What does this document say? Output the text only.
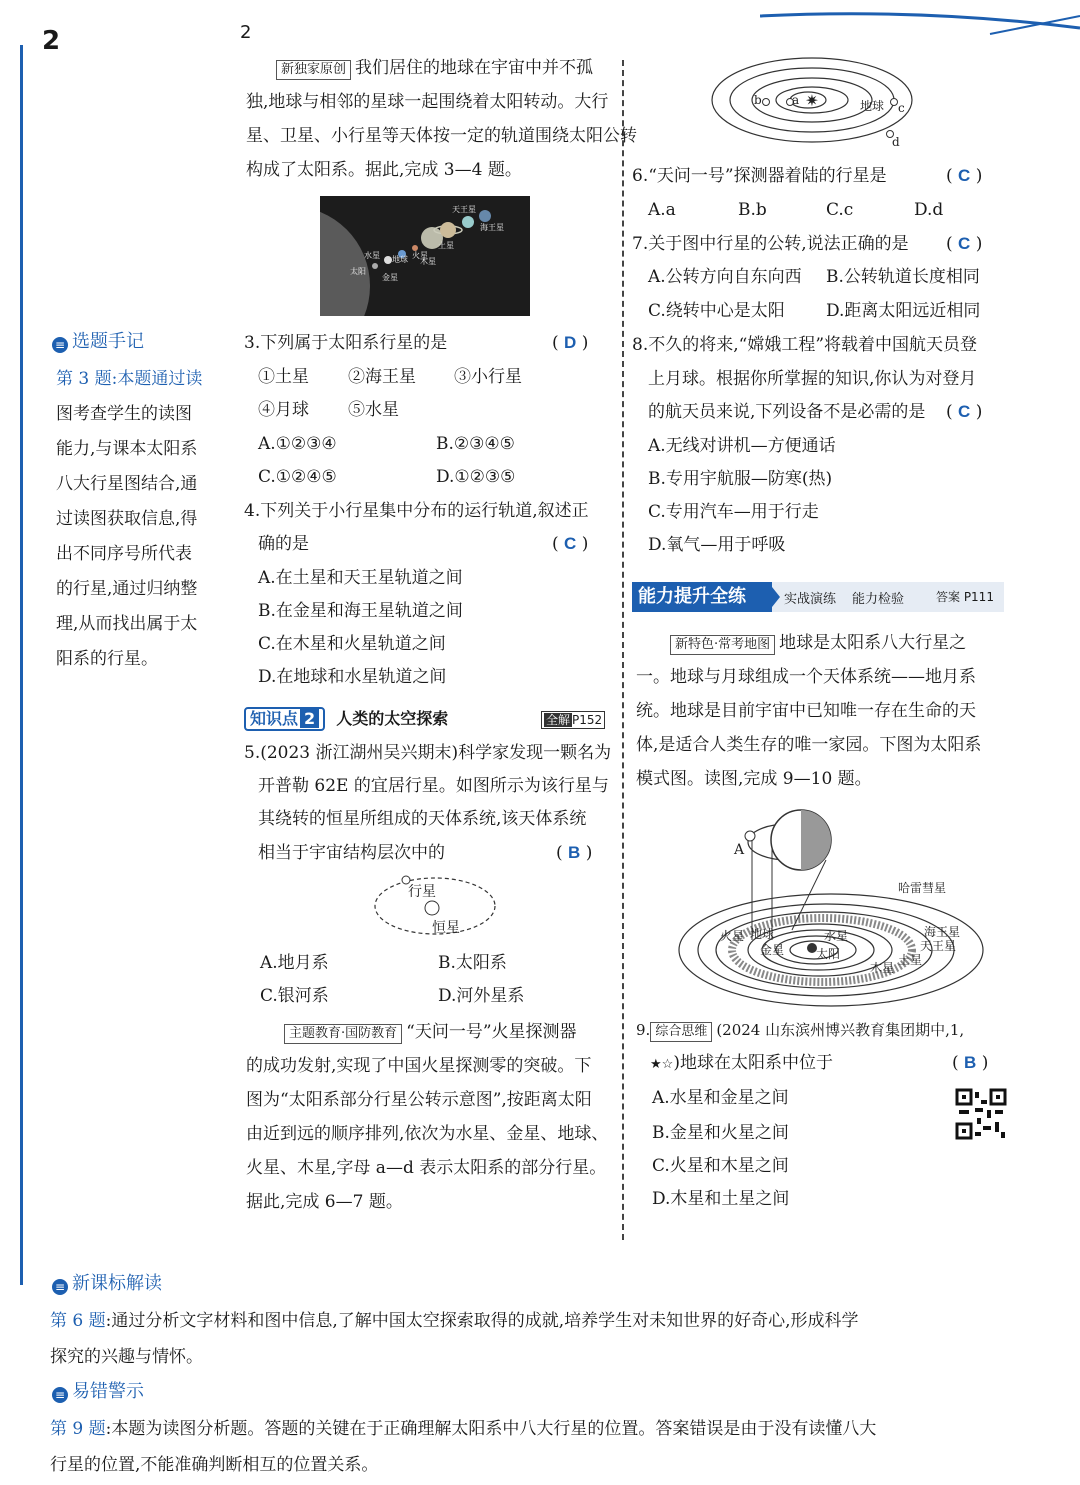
2	2
≡ 选题手记
第 3 题:本题通过读
图考查学生的读图
能力,与课本太阳系
八大行星图结合,通
过读图获取信息,得
出不同序号所代表
的行星,通过归纳整
理,从而找出属于太
阳系的行星。
新独家原创 我们居住的地球在宇宙中并不孤
独,地球与相邻的星球一起围绕着太阳转动。大行
星、卫星、小行星等天体按一定的轨道围绕太阳公转
构成了太阳系。据此,完成 3—4 题。
太阳
水星
金星
地球 火星
木星
土星
天王星
海王星
3.下列属于太阳系行星的是	( D )
①土星 ②海王星 ③小行星
④月球 ⑤水星
A.①②③④	B.②③④⑤
C.①②④⑤	D.①②③⑤
4.下列关于小行星集中分布的运行轨道,叙述正
确的是	( C )
A.在土星和天王星轨道之间
B.在金星和海王星轨道之间
C.在木星和火星轨道之间
D.在地球和水星轨道之间
知识点 2 人类的太空探索	全解 P152
5.(2023 浙江湖州吴兴期末)科学家发现一颗名为
开普勒 62E 的宜居行星。如图所示为该行星与
其绕转的恒星所组成的天体系统,该天体系统
相当于宇宙结构层次中的	( B )
行星
恒星
A.地月系	B.太阳系
C.银河系	D.河外星系
主题教育·国防教育 “天问一号”火星探测器
的成功发射,实现了中国火星探测零的突破。下
图为“太阳系部分行星公转示意图”,按距离太阳
由近到远的顺序排列,依次为水星、金星、地球、
火星、木星,字母 a—d 表示太阳系的部分行星。
据此,完成 6—7 题。
✷
a
b
c
d
地球
6.“天问一号”探测器着陆的行星是	( C )
A.a	B.b	C.c	D.d
7.关于图中行星的公转,说法正确的是 ( C )
A.公转方向自东向西 B.公转轨道长度相同
C.绕转中心是太阳 D.距离太阳远近相同
8.不久的将来,“嫦娥工程”将载着中国航天员登
上月球。根据你所掌握的知识,你认为对登月
的航天员来说,下列设备不是必需的是 ( C )
A.无线对讲机—方便通话
B.专用宇航服—防寒(热)
C.专用汽车—用于行走
D.氧气—用于呼吸
能力提升全练	实战演练 能力检验	答案 P111
新特色·常考地图 地球是太阳系八大行星之
一。地球与月球组成一个天体系统——地月系
统。地球是目前宇宙中已知唯一存在生命的天
体,是适合人类生存的唯一家园。下图为太阳系
模式图。读图,完成 9—10 题。
A
哈雷彗星
海王星
天王星
土星
木星
火星 地球
金星
水星
太阳
9. 综合思维 (2024 山东滨州博兴教育集团期中,1,
★☆)地球在太阳系中位于	( B )
A.水星和金星之间
B.金星和火星之间
C.火星和木星之间
D.木星和土星之间
≡ 新课标解读
第 6 题:通过分析文字材料和图中信息,了解中国太空探索取得的成就,培养学生对未知世界的好奇心,形成科学
探究的兴趣与情怀。
≡ 易错警示
第 9 题:本题为读图分析题。答题的关键在于正确理解太阳系中八大行星的位置。答案错误是由于没有读懂八大
行星的位置,不能准确判断相互的位置关系。
